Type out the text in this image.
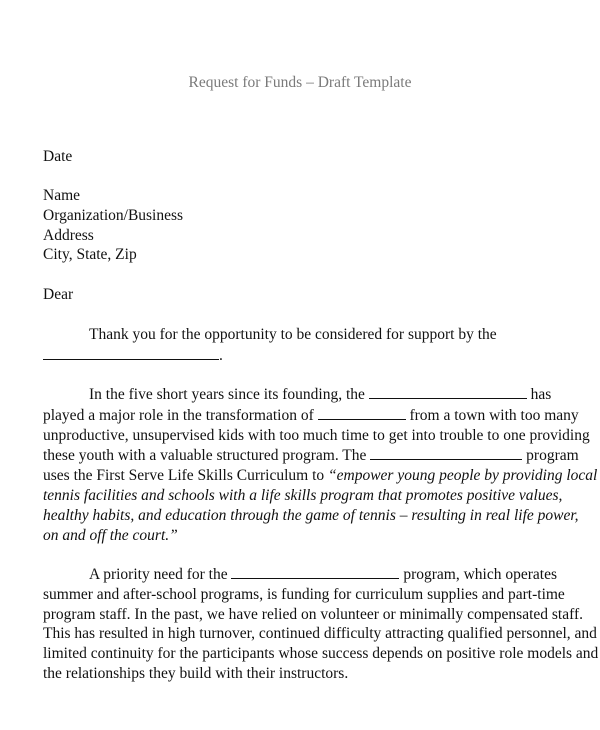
Request for Funds – Draft Template
Date
Name
Organization/Business
Address
City, State, Zip
Dear
Thank you for the opportunity to be considered for support by the
.
In the five short years since its founding, the	has
played a major role in the transformation of	from a town with too many
unproductive, unsupervised kids with too much time to get into trouble to one providing
these youth with a valuable structured program. The	program
uses the First Serve Life Skills Curriculum to “empower young people by providing local
tennis facilities and schools with a life skills program that promotes positive values,
healthy habits, and education through the game of tennis – resulting in real life power,
on and off the court.”
A priority need for the	program, which operates
summer and after-school programs, is funding for curriculum supplies and part-time
program staff. In the past, we have relied on volunteer or minimally compensated staff.
This has resulted in high turnover, continued difficulty attracting qualified personnel, and
limited continuity for the participants whose success depends on positive role models and
the relationships they build with their instructors.
